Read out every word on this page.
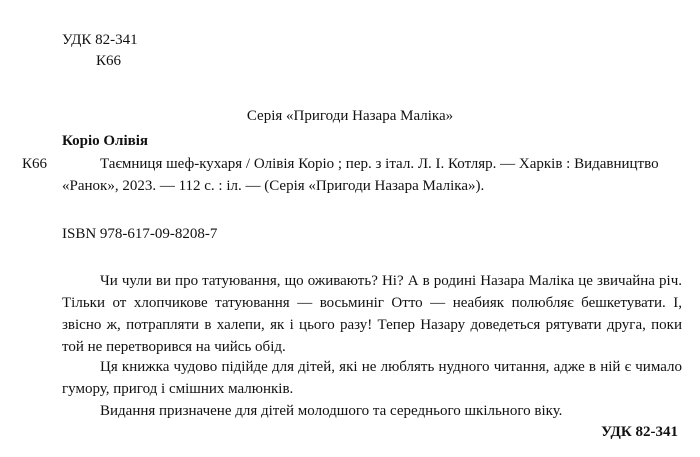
УДК 82-341
К66
Серія «Пригоди Назара Маліка»
Коріо Олівія
К66	Таємниця шеф-кухаря / Олівія Коріо ; пер. з італ. Л. І. Котляр. — Харків : Видавництво
«Ранок», 2023. — 112 с. : іл. — (Серія «Пригоди Назара Маліка»).
ISBN 978-617-09-8208-7
Чи чули ви про татуювання, що оживають? Ні? А в родині Назара Маліка це звичайна річ. Тільки от хлопчикове татуювання — восьминіг Отто — неабияк полюбляє бешкетувати. І, звісно ж, потрапляти в халепи, як і цього разу! Тепер Назару доведеться рятувати друга, поки той не перетворився на чийсь обід.
Ця книжка чудово підійде для дітей, які не люблять нудного читання, адже в ній є чимало гумору, пригод і смішних малюнків.
Видання призначене для дітей молодшого та середнього шкільного віку.
УДК 82-341
